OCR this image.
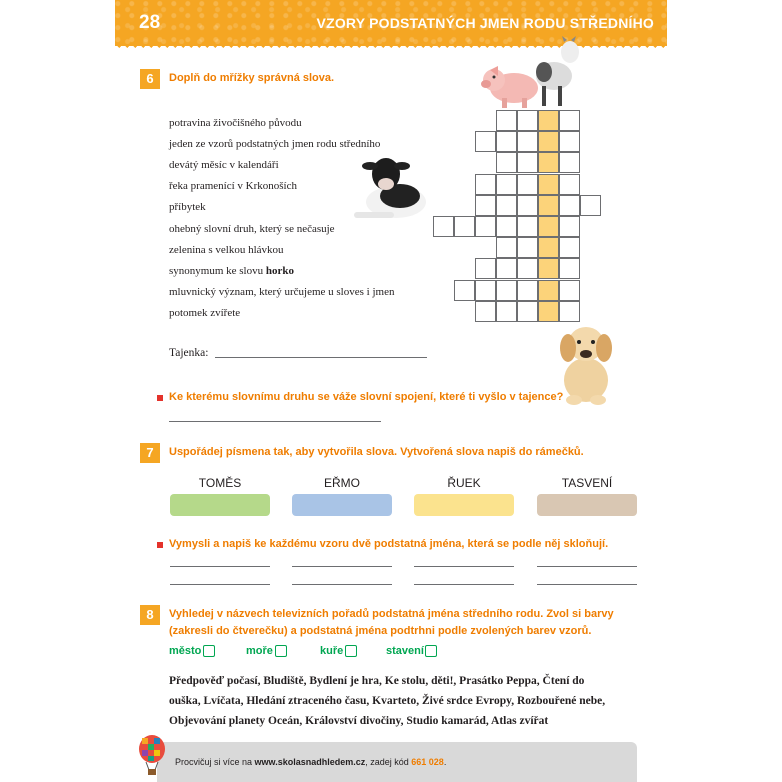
28	VZORY PODSTATNÝCH JMEN RODU STŘEDNÍHO
6	Doplň do mřížky správná slova.
potravina živočišného původu
jeden ze vzorů podstatných jmen rodu středního
devátý měsíc v kalendáři
řeka pramenící v Krkonoších
příbytek
ohebný slovní druh, který se nečasuje
zelenina s velkou hlávkou
synonymum ke slovu horko
mluvnický význam, který určujeme u sloves i jmen
potomek zvířete
Tajenka:
Ke kterému slovnímu druhu se váže slovní spojení, které ti vyšlo v tajence?
7	Uspořádej písmena tak, aby vytvořila slova. Vytvořená slova napiš do rámečků.
TOMĚS	EŘMO	ŘUEK	TASVENÍ
Vymysli a napiš ke každému vzoru dvě podstatná jména, která se podle něj skloňují.
8	Vyhledej v názvech televizních pořadů podstatná jména středního rodu. Zvol si barvy
(zakresli do čtverečku) a podstatná jména podtrhni podle zvolených barev vzorů.
město	moře	kuře	stavení
Předpověď počasí, Bludiště, Bydlení je hra, Ke stolu, děti!, Prasátko Peppa, Čtení do ouška, Lvíčata, Hledání ztraceného času, Kvarteto, Živé srdce Evropy, Rozbouřené nebe, Objevování planety Oceán, Království divočiny, Studio kamarád, Atlas zvířat
Procvičuj si více na www.skolasnadhledem.cz, zadej kód 661 028.
